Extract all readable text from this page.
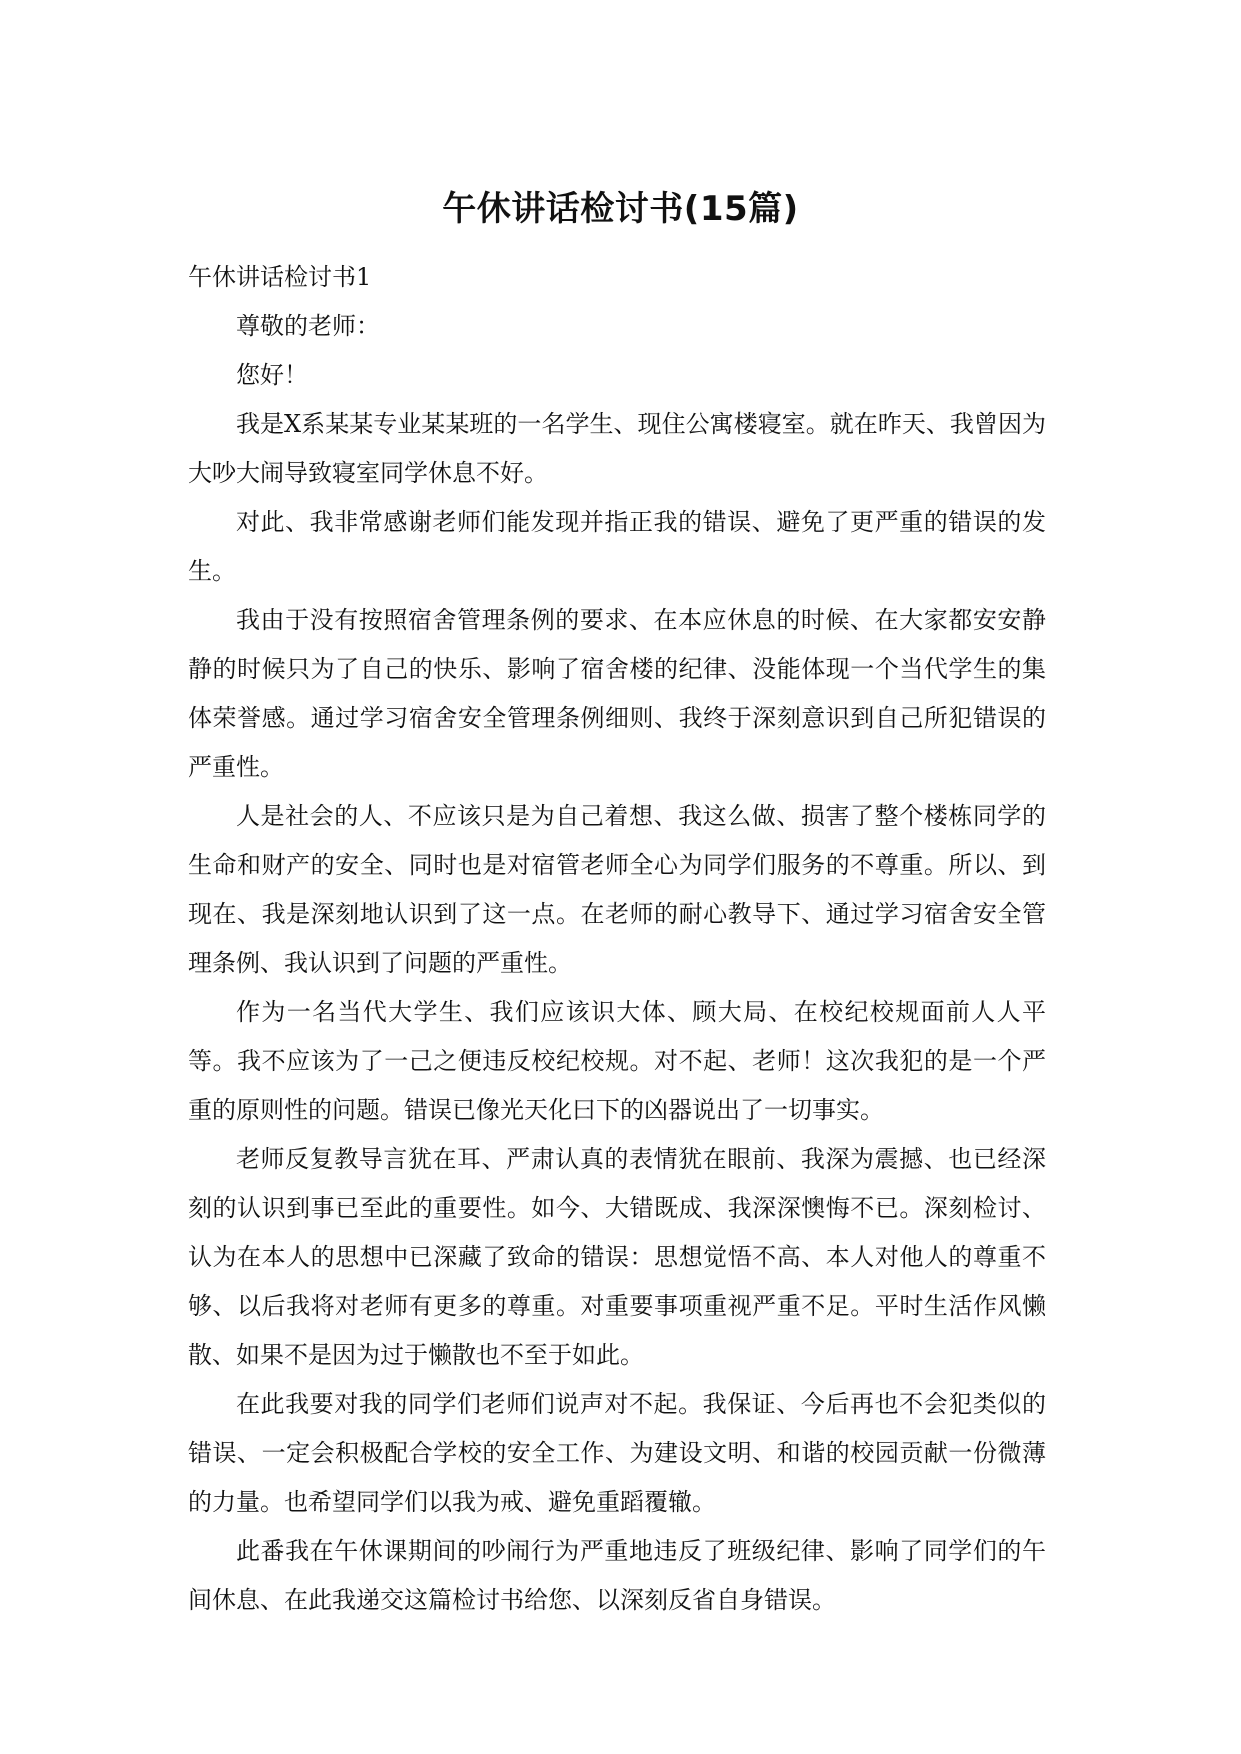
午休讲话检讨书(15篇)

午休讲话检讨书1

尊敬的老师：

您好！

我是X系某某专业某某班的一名学生、现住公寓楼寝室。就在昨天、我曾因为大吵大闹导致寝室同学休息不好。

对此、我非常感谢老师们能发现并指正我的错误、避免了更严重的错误的发生。

我由于没有按照宿舍管理条例的要求、在本应休息的时候、在大家都安安静静的时候只为了自己的快乐、影响了宿舍楼的纪律、没能体现一个当代学生的集体荣誉感。通过学习宿舍安全管理条例细则、我终于深刻意识到自己所犯错误的严重性。

人是社会的人、不应该只是为自己着想、我这么做、损害了整个楼栋同学的生命和财产的安全、同时也是对宿管老师全心为同学们服务的不尊重。所以、到现在、我是深刻地认识到了这一点。在老师的耐心教导下、通过学习宿舍安全管理条例、我认识到了问题的严重性。

作为一名当代大学生、我们应该识大体、顾大局、在校纪校规面前人人平等。我不应该为了一己之便违反校纪校规。对不起、老师！这次我犯的是一个严重的原则性的问题。错误已像光天化曰下的凶器说出了一切事实。

老师反复教导言犹在耳、严肃认真的表情犹在眼前、我深为震撼、也已经深刻的认识到事已至此的重要性。如今、大错既成、我深深懊悔不已。深刻检讨、认为在本人的思想中已深藏了致命的错误：思想觉悟不高、本人对他人的尊重不够、以后我将对老师有更多的尊重。对重要事项重视严重不足。平时生活作风懒散、如果不是因为过于懒散也不至于如此。

在此我要对我的同学们老师们说声对不起。我保证、今后再也不会犯类似的错误、一定会积极配合学校的安全工作、为建设文明、和谐的校园贡献一份微薄的力量。也希望同学们以我为戒、避免重蹈覆辙。

此番我在午休课期间的吵闹行为严重地违反了班级纪律、影响了同学们的午间休息、在此我递交这篇检讨书给您、以深刻反省自身错误。
